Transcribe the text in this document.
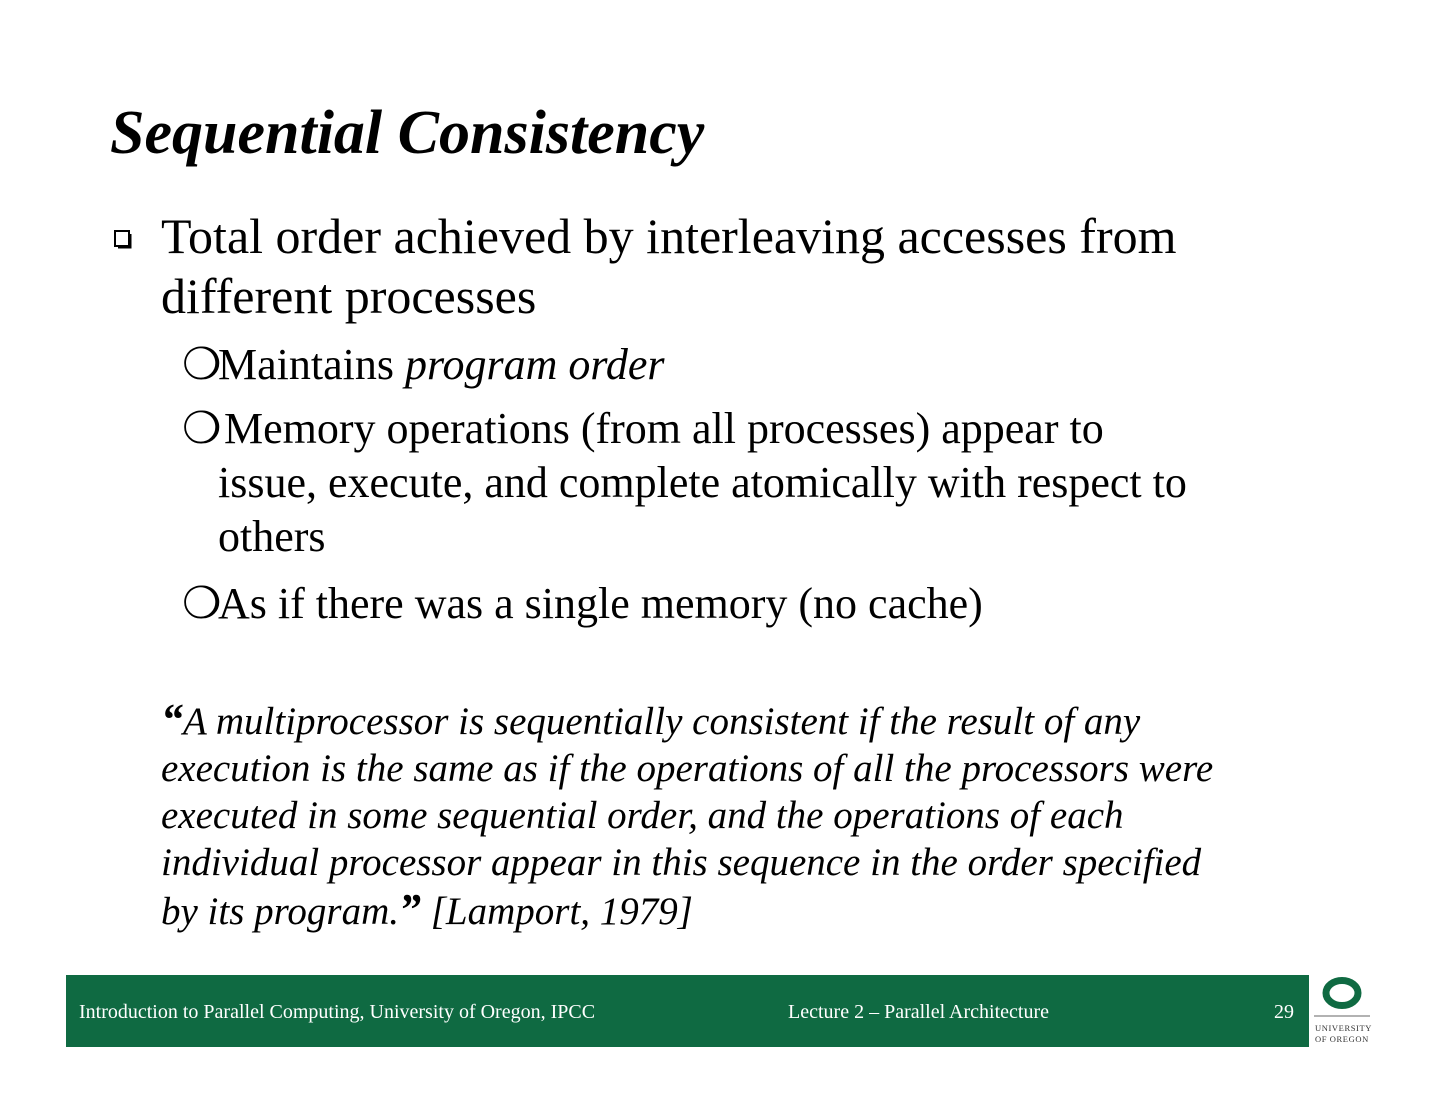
Sequential Consistency
Total order achieved by interleaving accesses from
different processes
❍
Maintains program order
❍ Memory operations (from all processes) appear to
issue, execute, and complete atomically with respect to
others
❍
As if there was a single memory (no cache)
“A multiprocessor is sequentially consistent if the result of any
execution is the same as if the operations of all the processors were
executed in some sequential order, and the operations of each
individual processor appear in this sequence in the order specified
by its program.” [Lamport, 1979]
Introduction to Parallel Computing, University of Oregon, IPCC	Lecture 2 – Parallel Architecture	29
UNIVERSITY
OF OREGON
